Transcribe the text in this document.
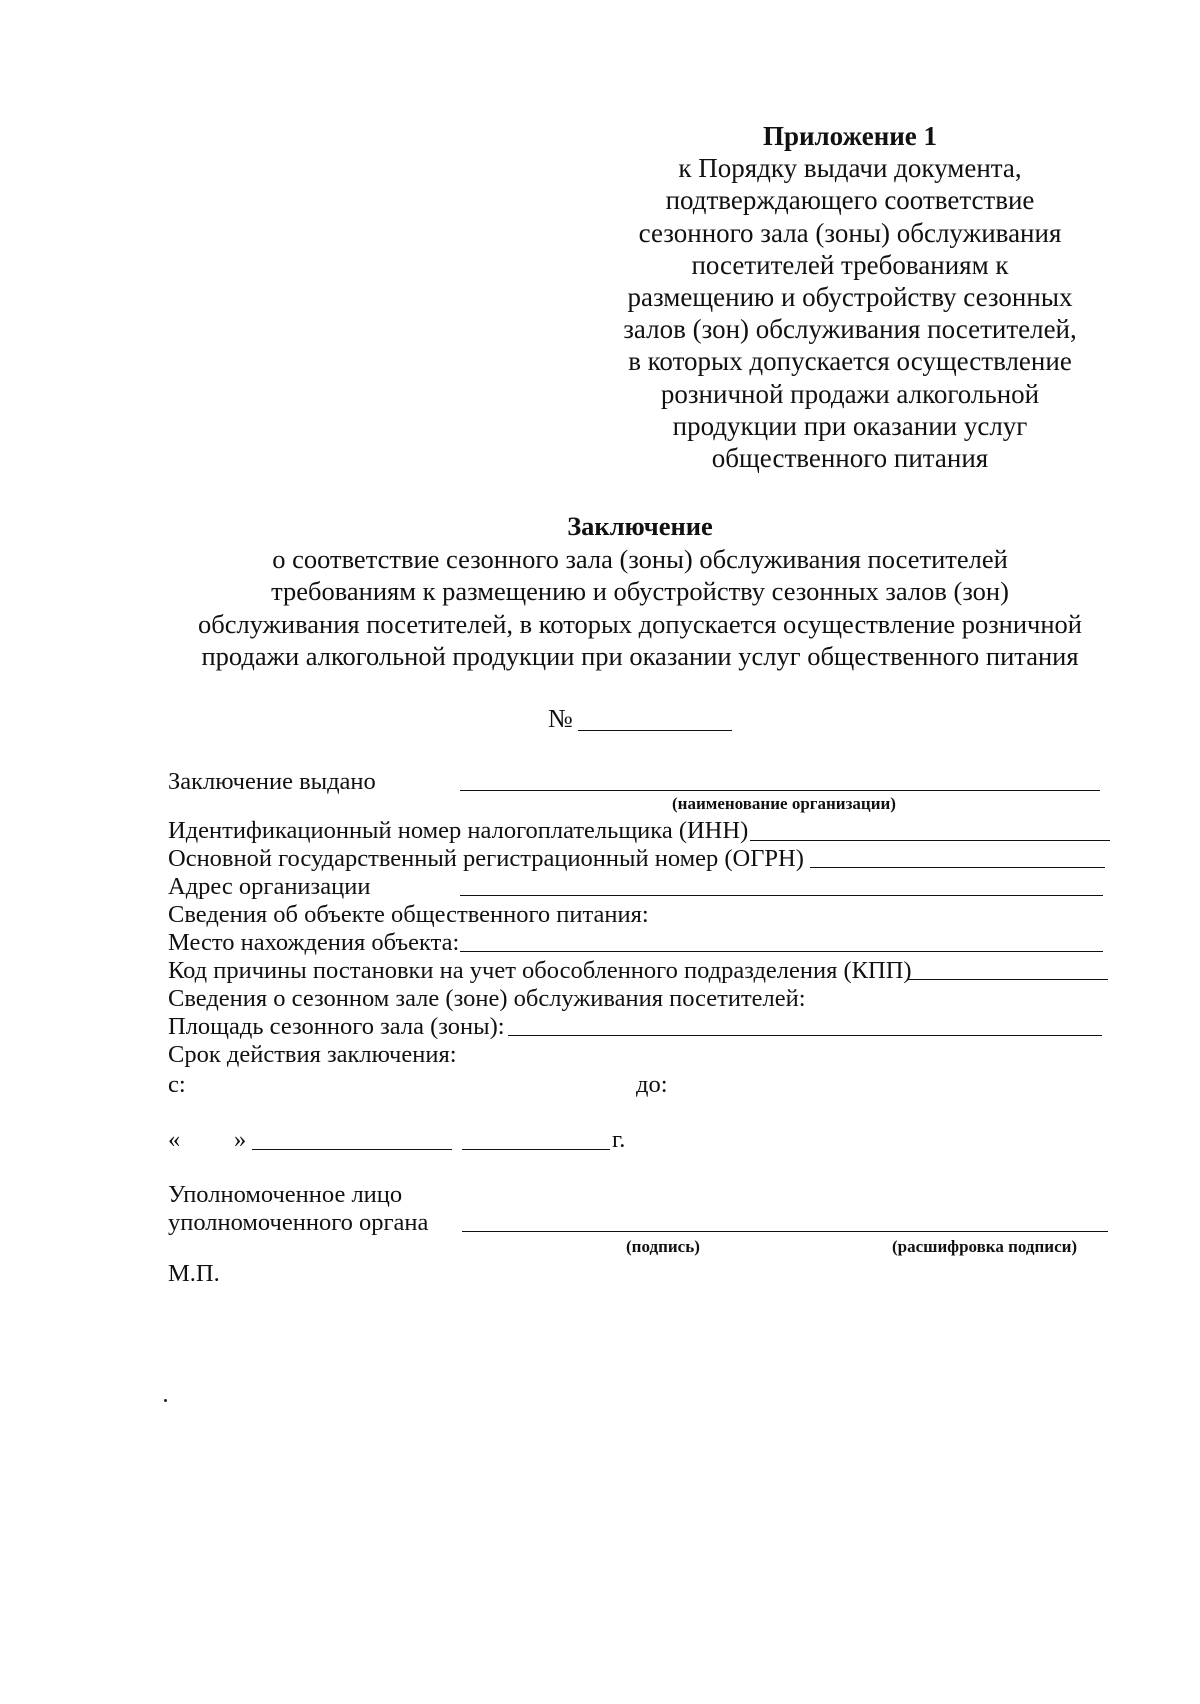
Приложение 1
к Порядку выдачи документа,
подтверждающего соответствие
сезонного зала (зоны) обслуживания
посетителей требованиям к
размещению и обустройству сезонных
залов (зон) обслуживания посетителей,
в которых допускается осуществление
розничной продажи алкогольной
продукции при оказании услуг
общественного питания
Заключение
о соответствие сезонного зала (зоны) обслуживания посетителей
требованиям к размещению и обустройству сезонных залов (зон)
обслуживания посетителей, в которых допускается осуществление розничной
продажи алкогольной продукции при оказании услуг общественного питания
№
Заключение выдано
(наименование организации)
Идентификационный номер налогоплательщика (ИНН)
Основной государственный регистрационный номер (ОГРН)
Адрес организации
Сведения об объекте общественного питания:
Место нахождения объекта:
Код причины постановки на учет обособленного подразделения (КПП)
Сведения о сезонном зале (зоне) обслуживания посетителей:
Площадь сезонного зала (зоны):
Срок действия заключения:
с:	до:
« »	г.
Уполномоченное лицо
уполномоченного органа
(подпись)	(расшифровка подписи)
М.П.
